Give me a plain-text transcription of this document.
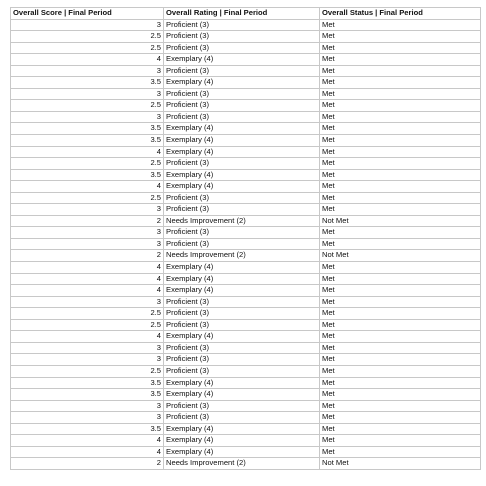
Overall Score | Final Period	Overall Rating | Final Period	Overall Status | Final Period
3	Proficient (3)	Met
2.5	Proficient (3)	Met
2.5	Proficient (3)	Met
4	Exemplary (4)	Met
3	Proficient (3)	Met
3.5	Exemplary (4)	Met
3	Proficient (3)	Met
2.5	Proficient (3)	Met
3	Proficient (3)	Met
3.5	Exemplary (4)	Met
3.5	Exemplary (4)	Met
4	Exemplary (4)	Met
2.5	Proficient (3)	Met
3.5	Exemplary (4)	Met
4	Exemplary (4)	Met
2.5	Proficient (3)	Met
3	Proficient (3)	Met
2	Needs Improvement (2)	Not Met
3	Proficient (3)	Met
3	Proficient (3)	Met
2	Needs Improvement (2)	Not Met
4	Exemplary (4)	Met
4	Exemplary (4)	Met
4	Exemplary (4)	Met
3	Proficient (3)	Met
2.5	Proficient (3)	Met
2.5	Proficient (3)	Met
4	Exemplary (4)	Met
3	Proficient (3)	Met
3	Proficient (3)	Met
2.5	Proficient (3)	Met
3.5	Exemplary (4)	Met
3.5	Exemplary (4)	Met
3	Proficient (3)	Met
3	Proficient (3)	Met
3.5	Exemplary (4)	Met
4	Exemplary (4)	Met
4	Exemplary (4)	Met
2	Needs Improvement (2)	Not Met
